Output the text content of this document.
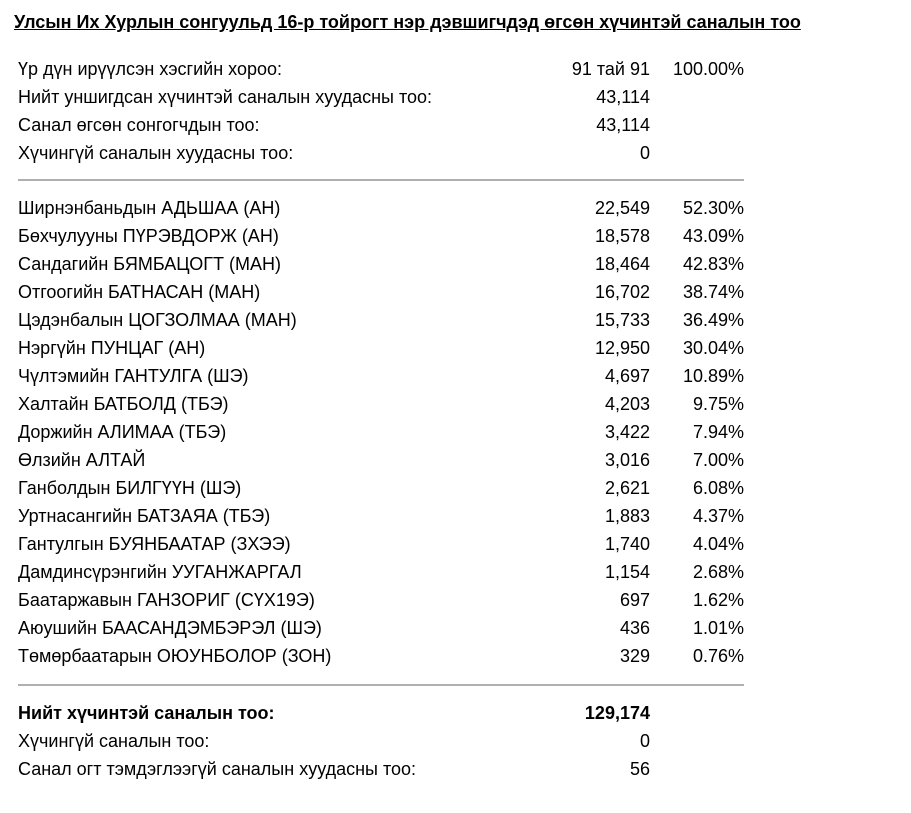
Улсын Их Хурлын сонгуульд 16-р тойрогт нэр дэвшигчдэд өгсөн хүчинтэй саналын тоо
Үр дүн ирүүлсэн хэсгийн хороо:	91 тай 91 100.00%
Нийт уншигдсан хүчинтэй саналын хуудасны тоо:	43,114
Санал өгсөн сонгогчдын тоо:	43,114
Хүчингүй саналын хуудасны тоо:	0
Ширнэнбаньдын АДЬШАА (АН)	22,549 52.30%
Бөхчулууны ПҮРЭВДОРЖ (АН)	18,578 43.09%
Сандагийн БЯМБАЦОГТ (МАН)	18,464 42.83%
Отгоогийн БАТНАСАН (МАН)	16,702 38.74%
Цэдэнбалын ЦОГЗОЛМАА (МАН)	15,733 36.49%
Нэргүйн ПУНЦАГ (АН)	12,950 30.04%
Чүлтэмийн ГАНТУЛГА (ШЭ)	4,697 10.89%
Халтайн БАТБОЛД (ТБЭ)	4,203 9.75%
Доржийн АЛИМАА (ТБЭ)	3,422 7.94%
Өлзийн АЛТАЙ	3,016 7.00%
Ганболдын БИЛГҮҮН (ШЭ)	2,621 6.08%
Уртнасангийн БАТЗАЯА (ТБЭ)	1,883 4.37%
Гантулгын БУЯНБААТАР (ЗХЭЭ)	1,740 4.04%
Дамдинсүрэнгийн УУГАНЖАРГАЛ	1,154 2.68%
Баатаржавын ГАНЗОРИГ (СҮХ19Э)	697 1.62%
Аюушийн БААСАНДЭМБЭРЭЛ (ШЭ)	436 1.01%
Төмөрбаатарын ОЮУНБОЛОР (ЗОН)	329 0.76%
Нийт хүчинтэй саналын тоо:	129,174
Хүчингүй саналын тоо:	0
Санал огт тэмдэглээгүй саналын хуудасны тоо:	56
